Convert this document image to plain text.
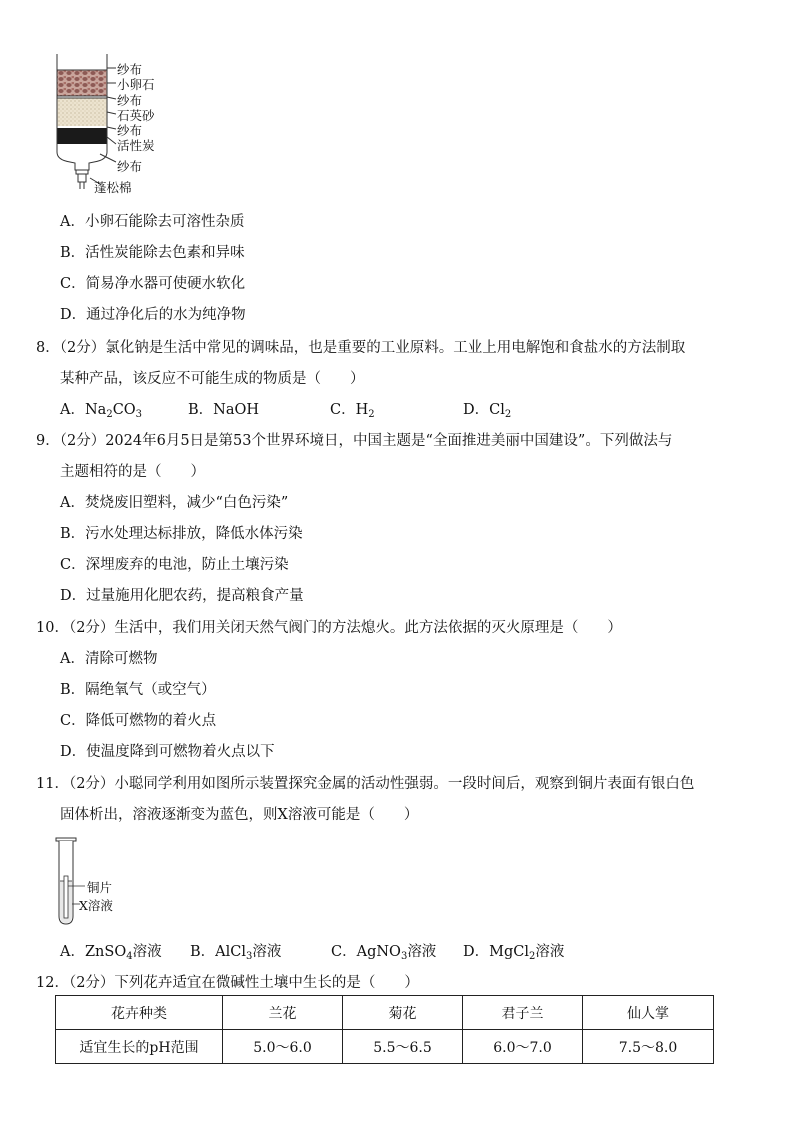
纱布
小卵石
纱布
石英砂
纱布
活性炭
纱布
蓬松棉
A．小卵石能除去可溶性杂质
B．活性炭能除去色素和异味
C．简易净水器可使硬水软化
D．通过净化后的水为纯净物
8．（2分）氯化钠是生活中常见的调味品，也是重要的工业原料。工业上用电解饱和食盐水的方法制取
某种产品，该反应不可能生成的物质是（　　）
A．$Na_2CO_3$	B．NaOH	C．$H_2$	D．$Cl_2$
9．（2分）2024年6月5日是第53个世界环境日，中国主题是“全面推进美丽中国建设”。下列做法与
主题相符的是（　　）
A．焚烧废旧塑料，减少“白色污染”
B．污水处理达标排放，降低水体污染
C．深埋废弃的电池，防止土壤污染
D．过量施用化肥农药，提高粮食产量
10．（2分）生活中，我们用关闭天然气阀门的方法熄火。此方法依据的灭火原理是（　　）
A．清除可燃物
B．隔绝氧气（或空气）
C．降低可燃物的着火点
D．使温度降到可燃物着火点以下
11．（2分）小聪同学利用如图所示装置探究金属的活动性强弱。一段时间后，观察到铜片表面有银白色
固体析出，溶液逐渐变为蓝色，则X溶液可能是（　　）
铜片
X溶液
A．ZnSO$_4$溶液 B．AlCl$_3$溶液	C．AgNO$_3$溶液 D．MgCl$_2$溶液
12．（2分）下列花卉适宜在微碱性土壤中生长的是（　　）
花卉种类	兰花	菊花	君子兰	仙人掌
适宜生长的pH范围	5.0～6.0	5.5～6.5	6.0～7.0	7.5～8.0
